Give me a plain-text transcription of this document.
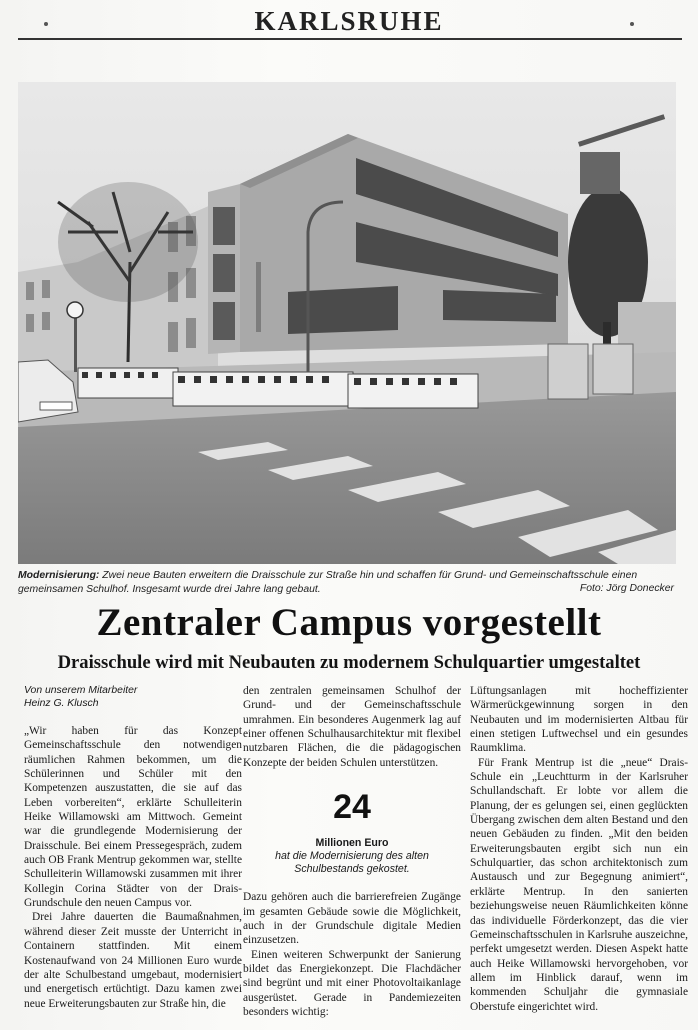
KARLSRUHE
Modernisierung: Zwei neue Bauten erweitern die Draisschule zur Straße hin und schaffen für Grund- und Gemeinschaftsschule einen gemeinsamen Schulhof. Insgesamt wurde drei Jahre lang gebaut.	Foto: Jörg Donecker
Zentraler Campus vorgestellt
Draisschule wird mit Neubauten zu modernem Schulquartier umgestaltet
Von unserem Mitarbeiter
Heinz G. Klusch

„Wir haben für das Konzept Gemeinschaftsschule den notwendigen räumlichen Rahmen bekommen, um die Schülerinnen und Schüler mit den Kompetenzen auszustatten, die sie auf das Leben vorbereiten“, erklärte Schulleiterin Heike Willamowski am Mittwoch. Gemeint war die grundlegende Modernisierung der Draisschule. Bei einem Pressegespräch, zudem auch OB Frank Mentrup gekommen war, stellte Schulleiterin Willamowski zusammen mit ihrer Kollegin Corina Städter von der Drais-Grundschule den neuen Campus vor.

Drei Jahre dauerten die Baumaßnahmen, während dieser Zeit musste der Unterricht in Containern stattfinden. Mit einem Kostenaufwand von 24 Millionen Euro wurde der alte Schulbestand umgebaut, modernisiert und energetisch ertüchtigt. Dazu kamen zwei neue Erweiterungsbauten zur Straße hin, die

den zentralen gemeinsamen Schulhof der Grund- und der Gemeinschaftsschule umrahmen. Ein besonderes Augenmerk lag auf einer offenen Schulhausarchitektur mit flexibel nutzbaren Flächen, die die pädagogischen Konzepte der beiden Schulen unterstützen.

24
Millionen Euro
hat die Modernisierung des alten Schulbestands gekostet.

Dazu gehören auch die barrierefreien Zugänge im gesamten Gebäude sowie die Möglichkeit, auch in der Grundschule digitale Medien einzusetzen.

Einen weiteren Schwerpunkt der Sanierung bildet das Energiekonzept. Die Flachdächer sind begrünt und mit einer Photovoltaikanlage ausgerüstet. Gerade in Pandemiezeiten besonders wichtig:

Lüftungsanlagen mit hocheffizienter Wärmerückgewinnung sorgen in den Neubauten und im modernisierten Altbau für einen stetigen Luftwechsel und ein gesundes Raumklima.

Für Frank Mentrup ist die „neue“ Drais-Schule ein „Leuchtturm in der Karlsruher Schullandschaft. Er lobte vor allem die Planung, der es gelungen sei, einen geglückten Übergang zwischen dem alten Bestand und den neuen Gebäuden zu finden. „Mit den beiden Erweiterungsbauten ergibt sich nun ein Schulquartier, das schon architektonisch zum Austausch und zur Begegnung animiert“, erklärte Mentrup. In den sanierten beziehungsweise neuen Räumlichkeiten könne das individuelle Förderkonzept, das die vier Gemeinschaftsschulen in Karlsruhe auszeichne, perfekt umgesetzt werden. Diesen Aspekt hatte auch Heike Willamowski hervorgehoben, vor allem im Hinblick darauf, wenn im kommenden Schuljahr die gymnasiale Oberstufe eingerichtet wird.
